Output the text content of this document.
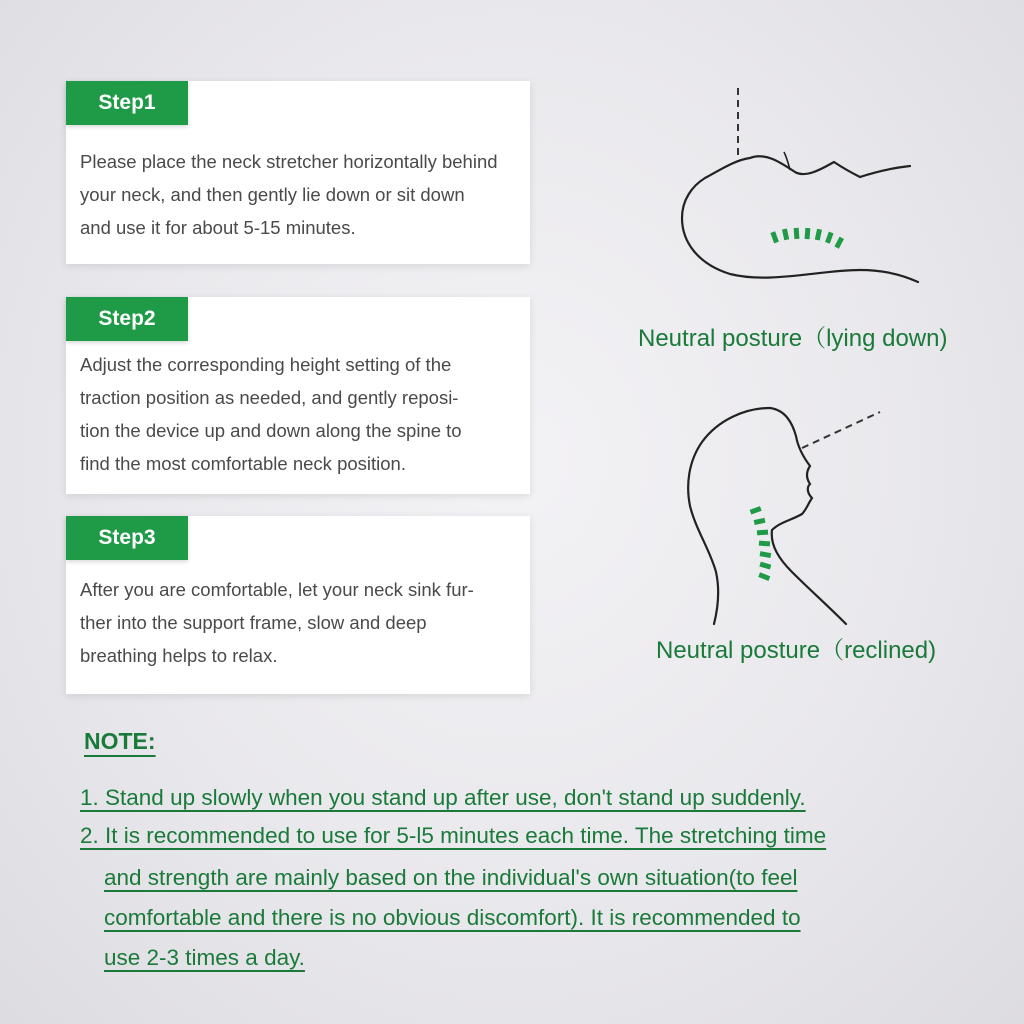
Step1
Please place the neck stretcher horizontally behind
your neck, and then gently lie down or sit down
and use it for about 5-15 minutes.
Step2
Adjust the corresponding height setting of the
traction position as needed, and gently reposi-
tion the device up and down along the spine to
find the most comfortable neck position.
Step3
After you are comfortable, let your neck sink fur-
ther into the support frame, slow and deep
breathing helps to relax.
Neutral posture（lying down)
Neutral posture（reclined)
NOTE:
1. Stand up slowly when you stand up after use, don't stand up suddenly.
2. It is recommended to use for 5-l5 minutes each time. The stretching time
and strength are mainly based on the individual's own situation(to feel
comfortable and there is no obvious discomfort). It is recommended to
use 2-3 times a day.
